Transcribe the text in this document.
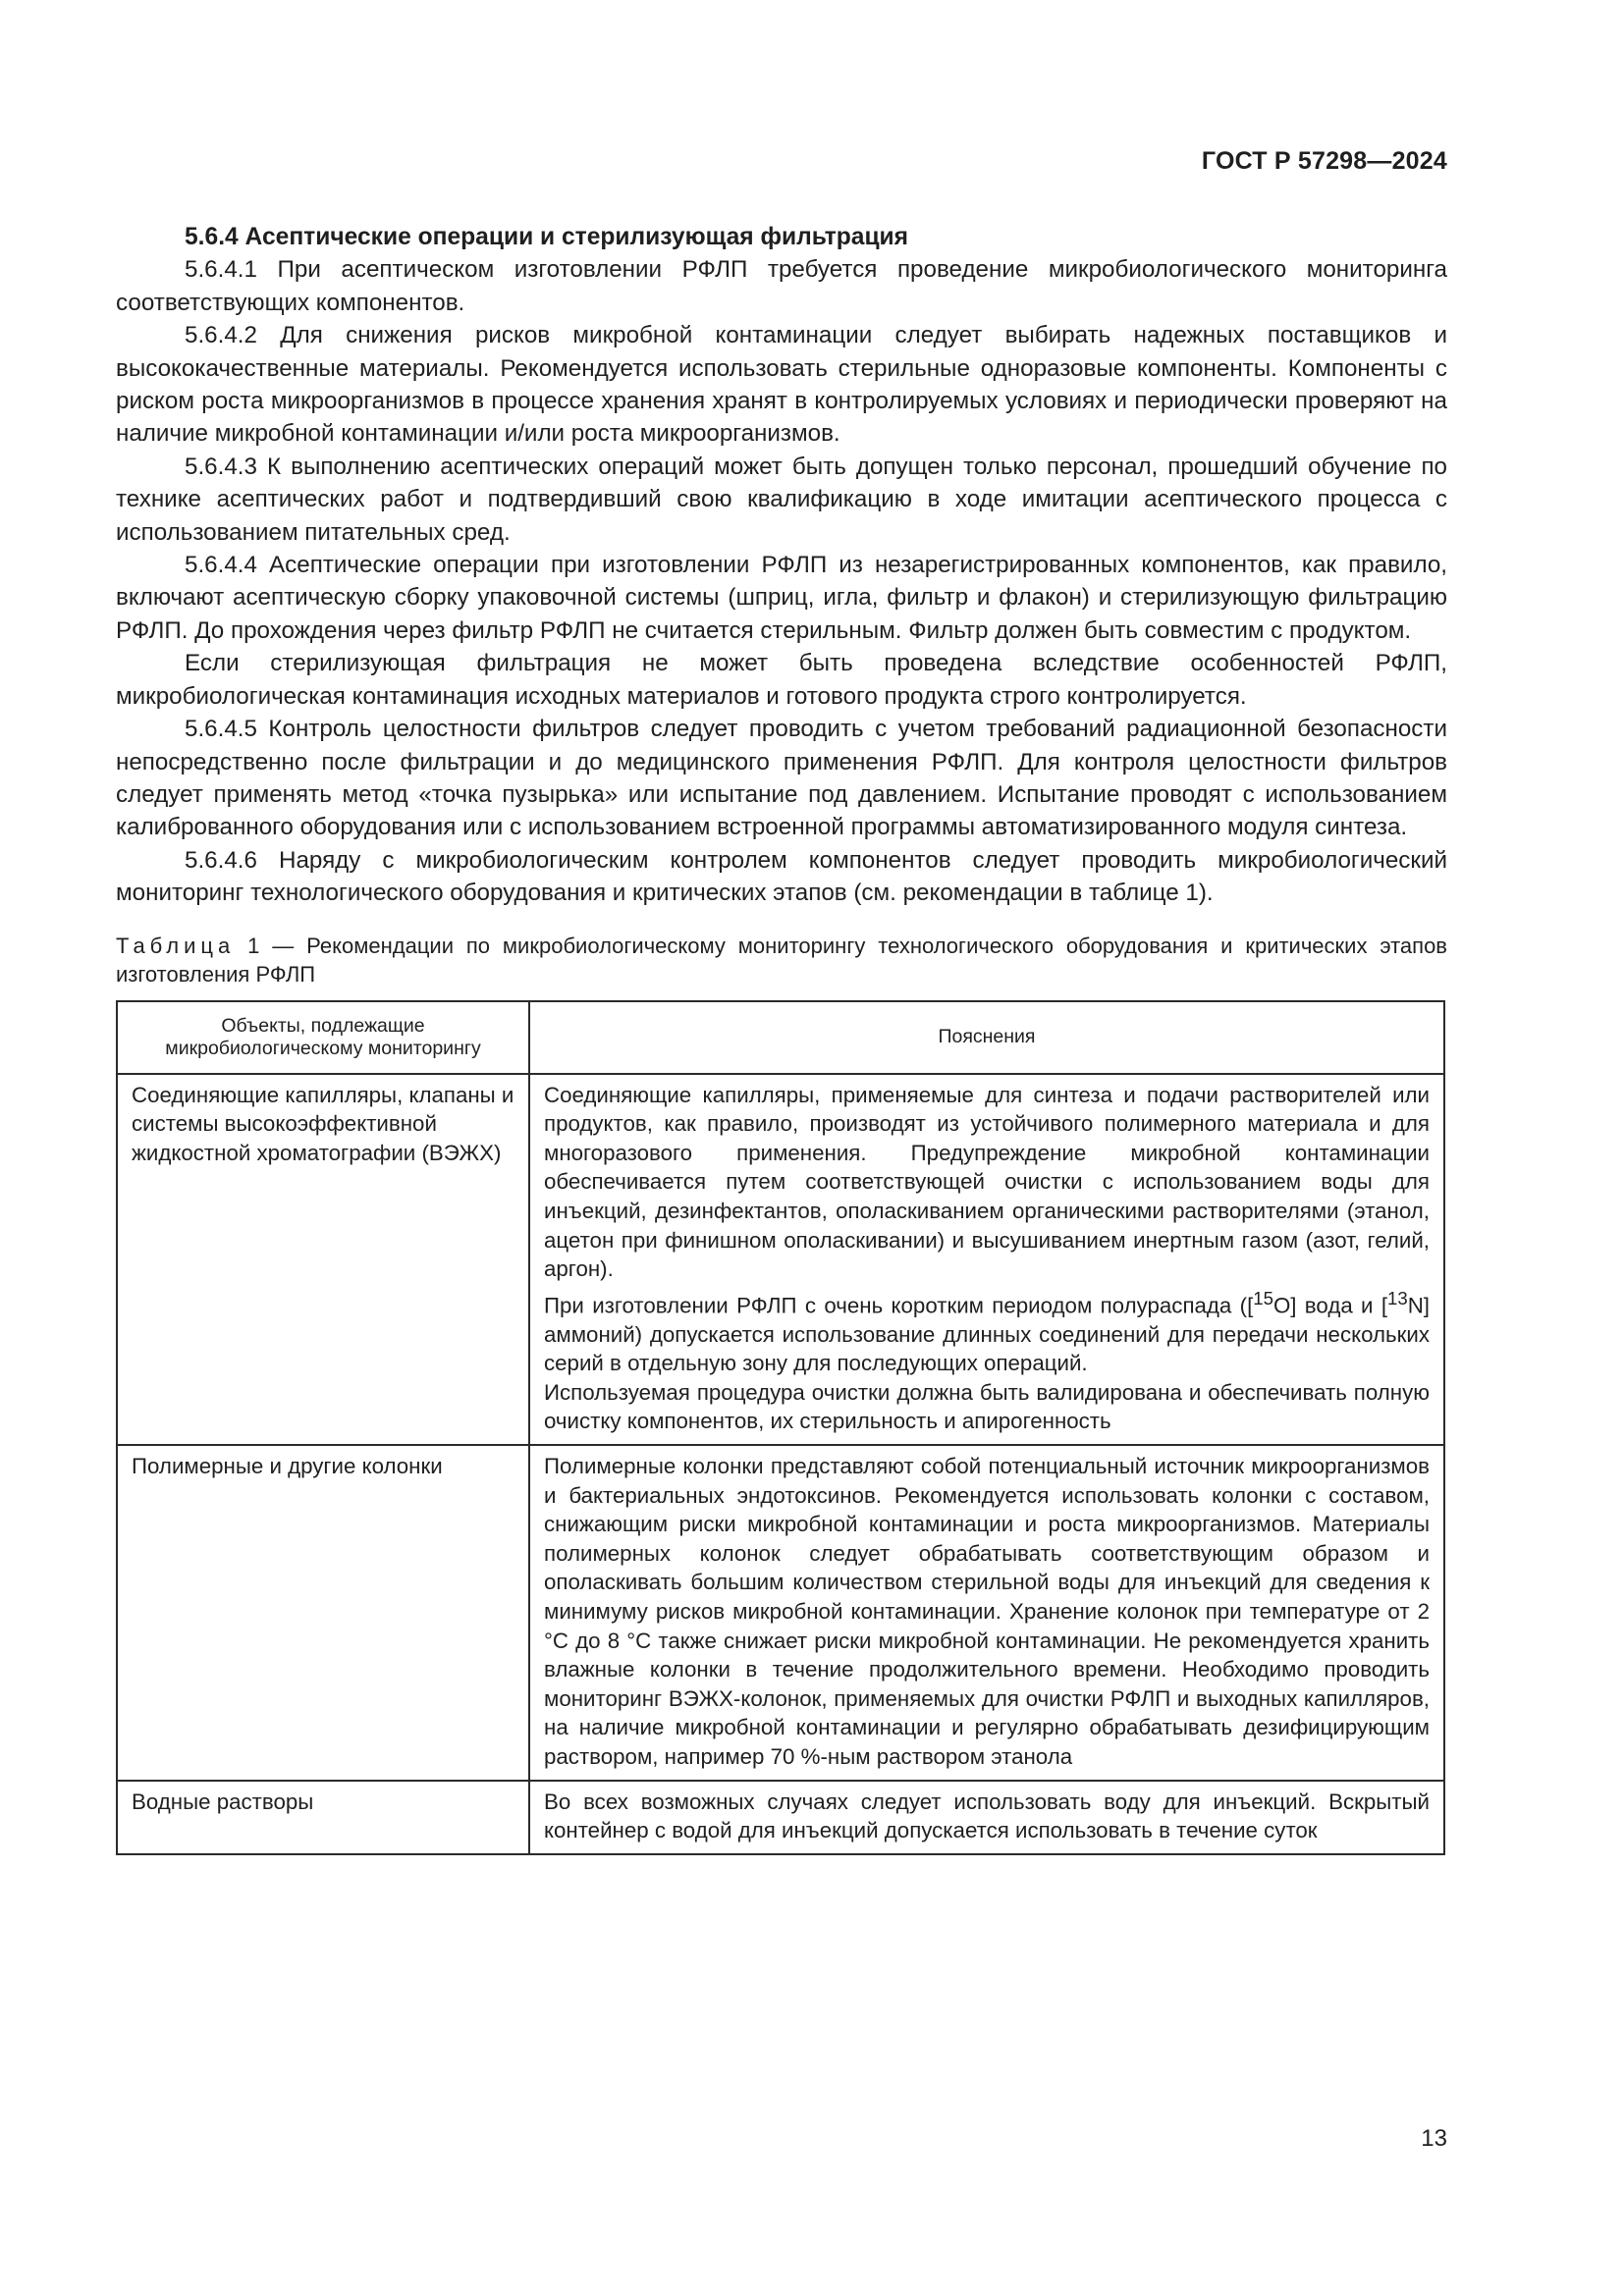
ГОСТ Р 57298—2024
5.6.4 Асептические операции и стерилизующая фильтрация

5.6.4.1 При асептическом изготовлении РФЛП требуется проведение микробиологического мониторинга соответствующих компонентов.

5.6.4.2 Для снижения рисков микробной контаминации следует выбирать надежных поставщиков и высококачественные материалы. Рекомендуется использовать стерильные одноразовые компоненты. Компоненты с риском роста микроорганизмов в процессе хранения хранят в контролируемых условиях и периодически проверяют на наличие микробной контаминации и/или роста микроорганизмов.

5.6.4.3 К выполнению асептических операций может быть допущен только персонал, прошедший обучение по технике асептических работ и подтвердивший свою квалификацию в ходе имитации асептического процесса с использованием питательных сред.

5.6.4.4 Асептические операции при изготовлении РФЛП из незарегистрированных компонентов, как правило, включают асептическую сборку упаковочной системы (шприц, игла, фильтр и флакон) и стерилизующую фильтрацию РФЛП. До прохождения через фильтр РФЛП не считается стерильным. Фильтр должен быть совместим с продуктом.

Если стерилизующая фильтрация не может быть проведена вследствие особенностей РФЛП, микробиологическая контаминация исходных материалов и готового продукта строго контролируется.

5.6.4.5 Контроль целостности фильтров следует проводить с учетом требований радиационной безопасности непосредственно после фильтрации и до медицинского применения РФЛП. Для контроля целостности фильтров следует применять метод «точка пузырька» или испытание под давлением. Испытание проводят с использованием калиброванного оборудования или с использованием встроенной программы автоматизированного модуля синтеза.

5.6.4.6 Наряду с микробиологическим контролем компонентов следует проводить микробиологический мониторинг технологического оборудования и критических этапов (см. рекомендации в таблице 1).

Таблица 1 — Рекомендации по микробиологическому мониторингу технологического оборудования и критических этапов изготовления РФЛП
Объекты, подлежащие микробиологическому мониторингу	Пояснения
Соединяющие капилляры, клапаны и системы высокоэффективной жидкостной хроматографии (ВЭЖХ)	Соединяющие капилляры, применяемые для синтеза и подачи растворителей или продуктов, как правило, производят из устойчивого полимерного материала и для многоразового применения. Предупреждение микробной контаминации обеспечивается путем соответствующей очистки с использованием воды для инъекций, дезинфектантов, ополаскиванием органическими растворителями (этанол, ацетон при финишном ополаскивании) и высушиванием инертным газом (азот, гелий, аргон).
При изготовлении РФЛП с очень коротким периодом полураспада ([$^{15}$O] вода и [$^{13}$N] аммоний) допускается использование длинных соединений для передачи нескольких серий в отдельную зону для последующих операций.
Используемая процедура очистки должна быть валидирована и обеспечивать полную очистку компонентов, их стерильность и апирогенность

Полимерные и другие колонки	Полимерные колонки представляют собой потенциальный источник микроорганизмов и бактериальных эндотоксинов. Рекомендуется использовать колонки с составом, снижающим риски микробной контаминации и роста микроорганизмов. Материалы полимерных колонок следует обрабатывать соответствующим образом и ополаскивать большим количеством стерильной воды для инъекций для сведения к минимуму рисков микробной контаминации. Хранение колонок при температуре от 2 °С до 8 °С также снижает риски микробной контаминации. Не рекомендуется хранить влажные колонки в течение продолжительного времени. Необходимо проводить мониторинг ВЭЖХ-колонок, применяемых для очистки РФЛП и выходных капилляров, на наличие микробной контаминации и регулярно обрабатывать дезифицирующим раствором, например 70 %-ным раствором этанола

Водные растворы	Во всех возможных случаях следует использовать воду для инъекций. Вскрытый контейнер с водой для инъекций допускается использовать в течение суток
13
